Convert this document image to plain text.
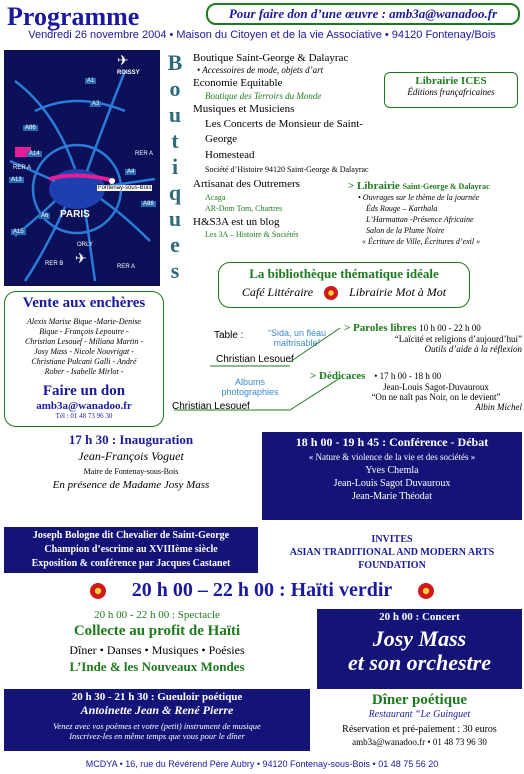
Programme	Pour faire don d’une œuvre : amb3a@wanadoo.fr
Vendredi 26 novembre 2004 • Maison du Citoyen et de la vie Associative • 94120 Fontenay/Bois
ROISSY
A1
A3
A86
RER A
A13
A14
PARIS
Fontenay-sous-Bois
A4
A86
RER A
A6
A15
ORLY
RER B	RER A
✈
✈
B
o
u
t
i
q
u
e
s
Boutique Saint-George & Dalayrac
• Accessoires de mode, objets d’art
Economie Equitable
Boutique des Terroirs du Monde
Musiques et Musiciens
Les Concerts de Monsieur de Saint-George
Homestead
Société d’Histoire 94120 Saint-George & Dalayrac
Artisanat des Outremers
Acaga
AR-Dom Tom, Chartres
H&S3A est un blog
Les 3A – Histoire & Sociétés
Librairie ICES
Éditions françafricaines
> Librairie Saint-George & Dalayrac
• Ouvrages sur le thème de la journée
Éds Rouge – Karthala
L’Harmattan -Présence Africaine
Salon de la Plume Noire
« Écriture de Ville, Écritures d’exil »
La bibliothèque thématique idéale
Café Littéraire	Librairie Mot à Mot
Vente aux enchères
Alexis Marise Bique -Marie-Denise
Bique - François Lepoutre -
Christian Lesouef - Miliana Martin -
Josy Mass - Nicole Nouvrigat -
Christiane Pulcani Galli - André
Rober - Isabelle Mirlot -
Faire un don
amb3a@wanadoo.fr
Tél : 01 48 73 96 30
Table :	“Sida, un fléau maîtrisable”
Christian Lesouef
Albums
photographies
Christian Lesouef
> Paroles libres 10 h 00 - 22 h 00
“Laïcité et religions d’aujourd’hui”
Outils d’aide à la réflexion
> Dédicaces • 17 h 00 - 18 h 00
Jean-Louis Sagot-Duvauroux
“On ne naît pas Noir, on le devient”
Albin Michel
18 h 00 - 19 h 45 : Conférence - Débat
« Nature & violence de la vie et des sociétés »
Yves Chemla
Jean-Louis Sagot Duvauroux
Jean-Marie Théodat
17 h 30 : Inauguration
Jean-François Voguet
Maire de Fontenay-sous-Bois
En présence de Madame Josy Mass
Joseph Bologne dit Chevalier de Saint-George
Champion d’escrime au XVIIIème siècle
Exposition & conférence par Jacques Castanet
INVITES
ASIAN TRADITIONAL AND MODERN ARTS
FOUNDATION
20 h 00 – 22 h 00 : Haïti verdir
20 h 00 - 22 h 00 : Spectacle
Collecte au profit de Haïti
Dîner • Danses • Musiques • Poésies
L’Inde & les Nouveaux Mondes
20 h 30 - 21 h 30 : Gueuloir poétique
Antoinette Jean & René Pierre
Venez avec vos poèmes et votre (petit) instrument de musique
Inscrivez-les en même temps que vous pour le dîner
20 h 00 : Concert
Josy Mass
et son orchestre
Dîner poétique
Restaurant “Le Guinguet
Réservation et pré-paiement : 30 euros
amb3a@wanadoo.fr • 01 48 73 96 30
MCDYA • 16, rue du Révérend Père Aubry • 94120 Fontenay-sous-Bois • 01 48 75 56 20
